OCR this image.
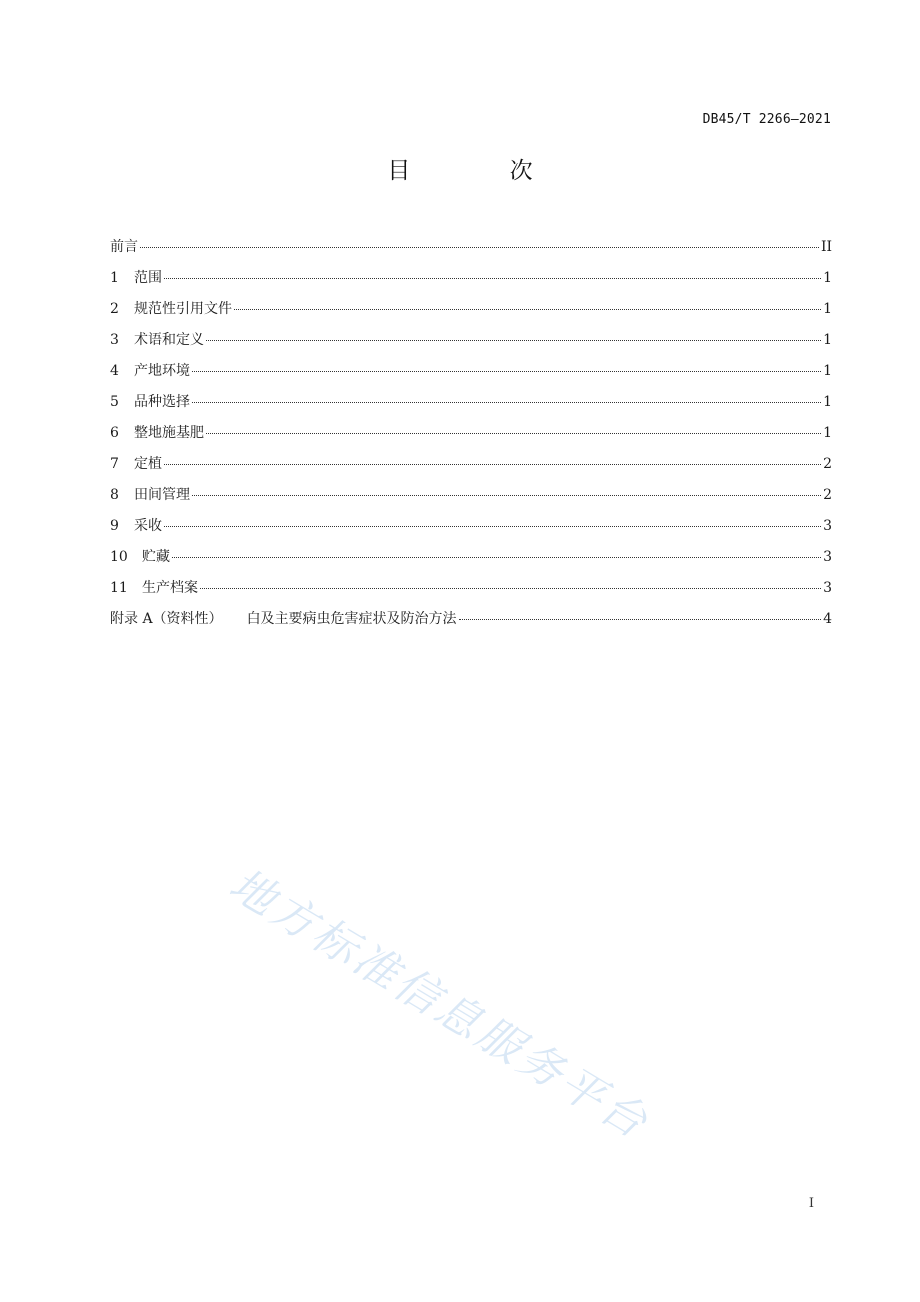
DB45/T 2266—2021
目 次
前言	II
1	范围	1
2	规范性引用文件	1
3	术语和定义	1
4	产地环境	1
5	品种选择	1
6	整地施基肥	1
7	定植	2
8	田间管理	2
9	采收	3
10	贮藏	3
11	生产档案	3
附录 A（资料性） 白及主要病虫危害症状及防治方法	4
地方标准信息服务平台
I
